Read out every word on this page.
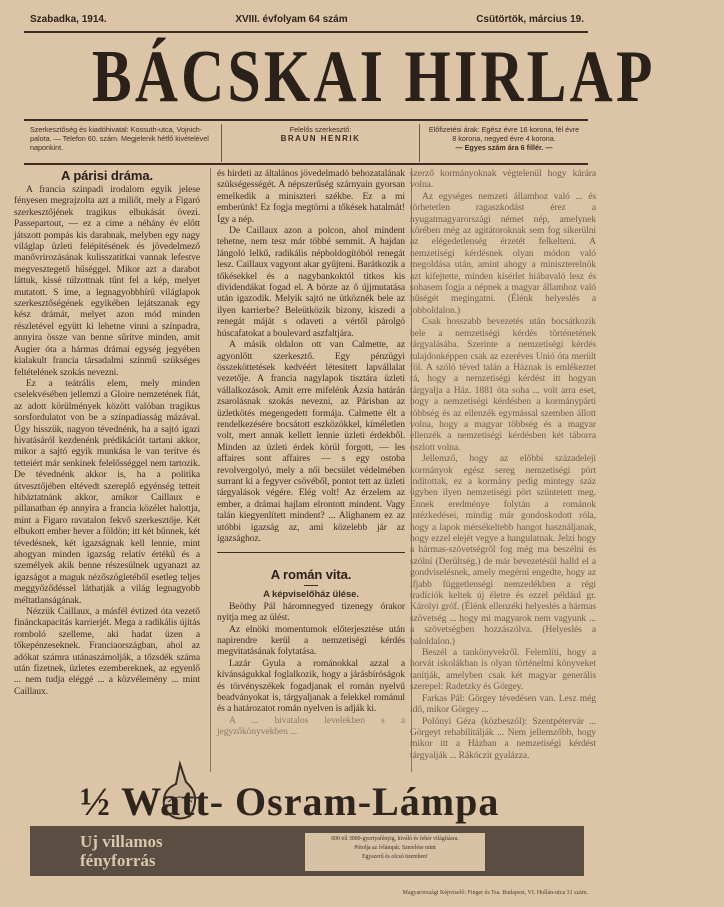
Szabadka, 1914.	XVIII. évfolyam 64 szám	Csütörtök, március 19.
BÁCSKAI HIRLAP
Szerkesztőség és kiadóhivatal: Kossuth-utca, Vojnich-palota. — Telefon 60. szám. Megjelenik hétfő kivételével naponkint.
Felelős szerkesztő:
BRAUN HENRIK
Előfizetési árak: Egész évre 16 korona, fél évre 8 korona, negyed évre 4 korona.
— Egyes szám ára 6 fillér. —

A párisi dráma.

A francia színpadi irodalom egyik jelese fényesen megrajzolta azt a miliőt, mely a Figaró szerkesztőjének tragikus elbukását övezi. Passepartout, — ez a címe a néhány év előtt játszott pompás kis darabnak, melyben egy nagy világlap üzleti felépítésének és jövedelmező manővrirozásának kulisszatitkai vannak lefestve megvesztegető hűséggel. Mikor azt a darabot láttuk, kissé túlzottnak tűnt fel a kép, melyet mutatott. S ime, a legnagyobbhírű világlapok szerkesztőségének egyikében lejátszanak egy kész drámát, melyet azon mód minden részletével együtt ki lehetne vinni a színpadra, annyira össze van benne sűrítve minden, amit Augier óta a hármas drámai egység jegyében kialakult francia társadalmi színmű szükséges feltételének szokás nevezni.

Ez a teátrális elem, mely minden cselekvésében jellemzi a Gloire nemzetének fiát, az adott körülmények között valóban tragikus sorsfordulatot von be a színpadiasság mázával. Úgy hisszük, nagyon tévednénk, ha a sajtó igazi hivatásáról kezdenénk prédikációt tartani akkor, mikor a sajtó egyik munkása le van terítve és tetteiért már senkinek felelősséggel nem tartozik. De tévednénk akkor is, ha a politika útvesztőjében eltévedt szereplő egyénség tetteit hibáztatnánk akkor, amikor Caillaux e pillanatban ép annyira a francia közélet halottja, mint a Figaro ravatalon fekvő szerkesztője. Két elbukott ember hever a földön; itt két bűnnek, két tévedésnek, két igazságnak kell lennie, mint ahogyan minden igazság relatív értékű és a személyek akik benne részesülnek ugyanazt az igazságot a maguk nézőszögletéből esetleg teljes meggyőződéssel láthatják a világ legnagyobb méltatlanságának.

Nézzük Caillaux, a másfél évtized óta vezető finánckapacitás karrierjét. Mega a radikális újítás romboló szelleme, aki hadat üzen a tőkepénzeseknek. Franciaországban, ahol az adókat számra utánaszámolják, a tőzsdék száma után fizetnek, üzletes ezembereknek, az egyenlő ... nem tudja eléggé ... a közvélemény ... mint Caillaux.

és hirdeti az általános jövedelmadó behozatalának szükségességét. A népszerűség szárnyain gyorsan emelkedik a miniszteri székbe. Ez a mi emberünk! Ez fogja megtörni a tőkések hatalmát! Így a nép.

De Caillaux azon a polcon, ahol mindent tehetne, nem tesz már többé semmit. A hajdan lángoló lelkű, radikális népboldogítóból renegát lesz. Caillaux vagyont akar gyűjteni. Barátkozik a tőkésekkel és a nagybankoktól titkos kis dividendákat fogad el. A börze az ő újjmutatása után igazodik. Melyik sajtó ne ütköznék bele az ilyen karrierbe? Beleütközik bizony, kiszedi a renegát máját s odaveti a vértől párolgó húscafatokat a boulevard aszfaltjára.

A másik oldalon ott van Calmette, az agyonlőtt szerkesztő. Egy pénzügyi összeköttetések kedvéért létesített lapvállalat vezetője. A francia nagylapok tisztára üzleti vállalkozások. Amit erre mifelénk Ázsia határán zsarolásnak szokás nevezni, az Párisban az üzletkötés megengedett formája. Calmette élt a rendelkezésére bocsátott eszközökkel, kíméletlen volt, mert annak kellett lennie üzleti érdekből. Minden az üzleti érdek körül forgott, — les affaires sont affaires — s egy ostoba revolvergolyó, mely a női becsület védelmében surrant ki a fegyver csövéből, pontot tett az üzleti tárgyalások végére. Elég volt! Az érzelem az ember, a drámai hajlam elrontott mindent. Vagy talán kiegyenlített mindent? ... Alighanem ez az utóbbi igazság az, ami közelebb jár az igazsághoz.

A román vita.

A képviselőház ülése.

Beöthy Pál háromnegyed tizenegy órakor nyitja meg az ülést.

Az elnöki momentumok előterjesztése után napirendre kerül a nemzetiségi kérdés megvitatásának folytatása.

Lazár Gyula a románokkal azzal a kívánságukkal foglalkozik, hogy a járásbíróságok és törvényszékek fogadjanak el román nyelvű beadványokat is, tárgyaljanak a felekkel románul és a határozatot román nyelven is adják ki.

A ... hivatalos levelekben s a jegyzőkönyvekben ...

szerző kormányoknak végtelenül hogy kárára volna.

Az egységes nemzeti államhoz való ... és törhetetlen ragaszkodást érez a nyugatmagyarországi német nép, amelynek körében még az agitátoroknak sem fog sikerülni az elégedetlenség érzetét felkelteni. A nemzetiségi kérdésnek olyan módon való megoldása után, amint ahogy a miniszterelnök azt kifejtette, minden kísérlet hiábavaló lesz és sohasem fogja a népnek a magyar államhoz való hűségét megingatni. (Élénk helyeslés a jobboldalon.)

Csak hosszabb bevezetés után bocsátkozik bele a nemzetiségi kérdés történetének tárgyalásába. Szerinte a nemzetiségi kérdés tulajdonképpen csak az ezeréves Unió óta merült föl. A szóló téved talán a Háznak is emlékeztet rá, hogy a nemzetiségi kérdést itt hogyan tárgyalja a Ház. 1881 óta soha ... volt arra eset, hogy a nemzetiségi kérdésben a kormánypárti többség és az ellenzék egymással szemben állott volna, hogy a magyar többség és a magyar ellenzék a nemzetiségi kérdésben két táborra oszlott volna.

Jellemző, hogy az előbbi századeleji kormányok egész sereg nemzetiségi pört indítottak, ez a kormány pedig mintegy száz ügyben ilyen nemzetiségi pört szüntetett meg. Ennek eredménye folytán a románok intézkedései, mindig már gondoskodott róla, hogy a lapok mérsékeltebb hangot használjanak, hogy ezzel elejét vegye a hangulatnak. Jelzi hogy a hármas-szövetségről fog még ma beszélni és szólni (Derültség.) de már bevezetésül halld el a gondviselésnek, amely megérni engedte, hogy az ifjabb függetlenségi nemzedékben a régi tradíciók keltek új életre és ezzel például gr. Károlyi gróf. (Élénk ellenzéki helyeslés a hármas szövetség ... hogy mi magyarok nem vagyunk ... a szövetségben hozzászólva. (Helyeslés a baloldalon.)

Beszél a tankönyvekről. Felemlíti, hogy a horvát iskolákban is olyan történelmi könyveket tanítják, amelyben csak két magyar generális szerepel: Radetzky és Görgey.

Farkas Pál: Görgey tévedésen van. Lesz még idő, mikor Görgey ...

Polónyi Géza (közbeszól): Szentpétervár ... Görgeyt rehabilitálják ... Nem jellemzőbb, hogy mikor itt a Házban a nemzetiségi kérdést tárgyalják ... Rákóczit gyalázza.

Uj villamos
fényforrás
600 tól 3000-gyertyafényig, kiváló és fehér világításra.
Pótolja az ívlámpát. Szerelése mint
Egyszerű és olcsó üzemben!
½ Watt- Osram-Lámpa
Magyarországi Képviselő: Finger és Tsa. Budapest, VI. Hollán-utca 31 szám.
